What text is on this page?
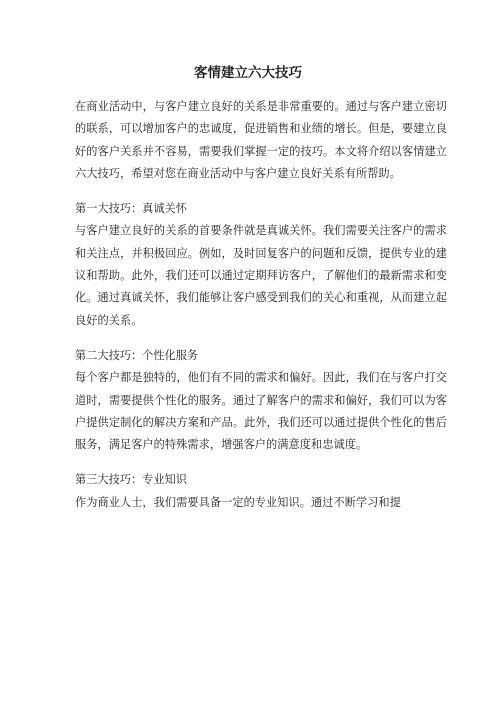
客情建立六大技巧

在商业活动中，与客户建立良好的关系是非常重要的。通过与客户建立密切的联系，可以增加客户的忠诚度，促进销售和业绩的增长。但是，要建立良好的客户关系并不容易，需要我们掌握一定的技巧。本文将介绍以客情建立六大技巧，希望对您在商业活动中与客户建立良好关系有所帮助。

第一大技巧：真诚关怀

与客户建立良好的关系的首要条件就是真诚关怀。我们需要关注客户的需求和关注点，并积极回应。例如，及时回复客户的问题和反馈，提供专业的建议和帮助。此外，我们还可以通过定期拜访客户，了解他们的最新需求和变化。通过真诚关怀，我们能够让客户感受到我们的关心和重视，从而建立起良好的关系。

第二大技巧：个性化服务

每个客户都是独特的，他们有不同的需求和偏好。因此，我们在与客户打交道时，需要提供个性化的服务。通过了解客户的需求和偏好，我们可以为客户提供定制化的解决方案和产品。此外，我们还可以通过提供个性化的售后服务，满足客户的特殊需求，增强客户的满意度和忠诚度。

第三大技巧：专业知识

作为商业人士，我们需要具备一定的专业知识。通过不断学习和提
